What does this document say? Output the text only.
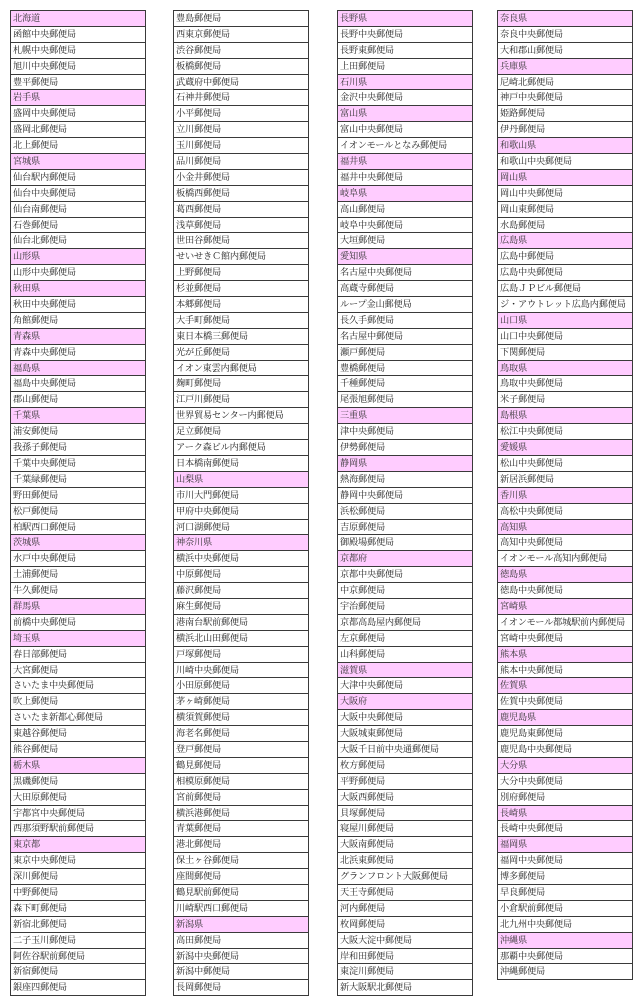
北海道
函館中央郵便局
札幌中央郵便局
旭川中央郵便局
豊平郵便局
岩手県
盛岡中央郵便局
盛岡北郵便局
北上郵便局
宮城県
仙台駅内郵便局
仙台中央郵便局
仙台南郵便局
石巻郵便局
仙台北郵便局
山形県
山形中央郵便局
秋田県
秋田中央郵便局
角館郵便局
青森県
青森中央郵便局
福島県
福島中央郵便局
郡山郵便局
千葉県
浦安郵便局
我孫子郵便局
千葉中央郵便局
千葉緑郵便局
野田郵便局
松戸郵便局
柏駅西口郵便局
茨城県
水戸中央郵便局
土浦郵便局
牛久郵便局
群馬県
前橋中央郵便局
埼玉県
春日部郵便局
大宮郵便局
さいたま中央郵便局
吹上郵便局
さいたま新都心郵便局
東越谷郵便局
熊谷郵便局
栃木県
黒磯郵便局
大田原郵便局
宇都宮中央郵便局
西那須野駅前郵便局
東京都
東京中央郵便局
深川郵便局
中野郵便局
森下町郵便局
新宿北郵便局
二子玉川郵便局
阿佐谷駅前郵便局
新宿郵便局
銀座四郵便局
豊島郵便局
西東京郵便局
渋谷郵便局
板橋郵便局
武蔵府中郵便局
石神井郵便局
小平郵便局
立川郵便局
玉川郵便局
品川郵便局
小金井郵便局
板橋西郵便局
葛西郵便局
浅草郵便局
世田谷郵便局
せいせきＣ館内郵便局
上野郵便局
杉並郵便局
本郷郵便局
大手町郵便局
東日本橋三郵便局
光が丘郵便局
イオン東雲内郵便局
麹町郵便局
江戸川郵便局
世界貿易センター内郵便局
足立郵便局
アーク森ビル内郵便局
日本橋南郵便局
山梨県
市川大門郵便局
甲府中央郵便局
河口湖郵便局
神奈川県
横浜中央郵便局
中原郵便局
藤沢郵便局
麻生郵便局
港南台駅前郵便局
横浜北山田郵便局
戸塚郵便局
川崎中央郵便局
小田原郵便局
茅ヶ崎郵便局
横須賀郵便局
海老名郵便局
登戸郵便局
鶴見郵便局
相模原郵便局
宮前郵便局
横浜港郵便局
青葉郵便局
港北郵便局
保土ヶ谷郵便局
座間郵便局
鶴見駅前郵便局
川崎駅西口郵便局
新潟県
高田郵便局
新潟中央郵便局
新潟中郵便局
長岡郵便局
長野県
長野中央郵便局
長野東郵便局
上田郵便局
石川県
金沢中央郵便局
富山県
富山中央郵便局
イオンモールとなみ郵便局
福井県
福井中央郵便局
岐阜県
高山郵便局
岐阜中央郵便局
大垣郵便局
愛知県
名古屋中央郵便局
高蔵寺郵便局
ループ金山郵便局
長久手郵便局
名古屋中郵便局
瀬戸郵便局
豊橋郵便局
千種郵便局
尾張旭郵便局
三重県
津中央郵便局
伊勢郵便局
静岡県
熱海郵便局
静岡中央郵便局
浜松郵便局
吉原郵便局
御殿場郵便局
京都府
京都中央郵便局
中京郵便局
宇治郵便局
京都高島屋内郵便局
左京郵便局
山科郵便局
滋賀県
大津中央郵便局
大阪府
大阪中央郵便局
大阪城東郵便局
大阪千日前中央通郵便局
枚方郵便局
平野郵便局
大阪西郵便局
貝塚郵便局
寝屋川郵便局
大阪南郵便局
北浜東郵便局
グランフロント大阪郵便局
天王寺郵便局
河内郵便局
枚岡郵便局
大阪大淀中郵便局
岸和田郵便局
東淀川郵便局
新大阪駅北郵便局
奈良県
奈良中央郵便局
大和郡山郵便局
兵庫県
尼崎北郵便局
神戸中央郵便局
姫路郵便局
伊丹郵便局
和歌山県
和歌山中央郵便局
岡山県
岡山中央郵便局
岡山東郵便局
水島郵便局
広島県
広島中郵便局
広島中央郵便局
広島ＪＰビル郵便局
ジ・アウトレット広島内郵便局
山口県
山口中央郵便局
下関郵便局
鳥取県
鳥取中央郵便局
米子郵便局
島根県
松江中央郵便局
愛媛県
松山中央郵便局
新居浜郵便局
香川県
高松中央郵便局
高知県
高知中央郵便局
イオンモール高知内郵便局
徳島県
徳島中央郵便局
宮崎県
イオンモール都城駅前内郵便局
宮崎中央郵便局
熊本県
熊本中央郵便局
佐賀県
佐賀中央郵便局
鹿児島県
鹿児島東郵便局
鹿児島中央郵便局
大分県
大分中央郵便局
別府郵便局
長崎県
長崎中央郵便局
福岡県
福岡中央郵便局
博多郵便局
早良郵便局
小倉駅前郵便局
北九州中央郵便局
沖縄県
那覇中央郵便局
沖縄郵便局
